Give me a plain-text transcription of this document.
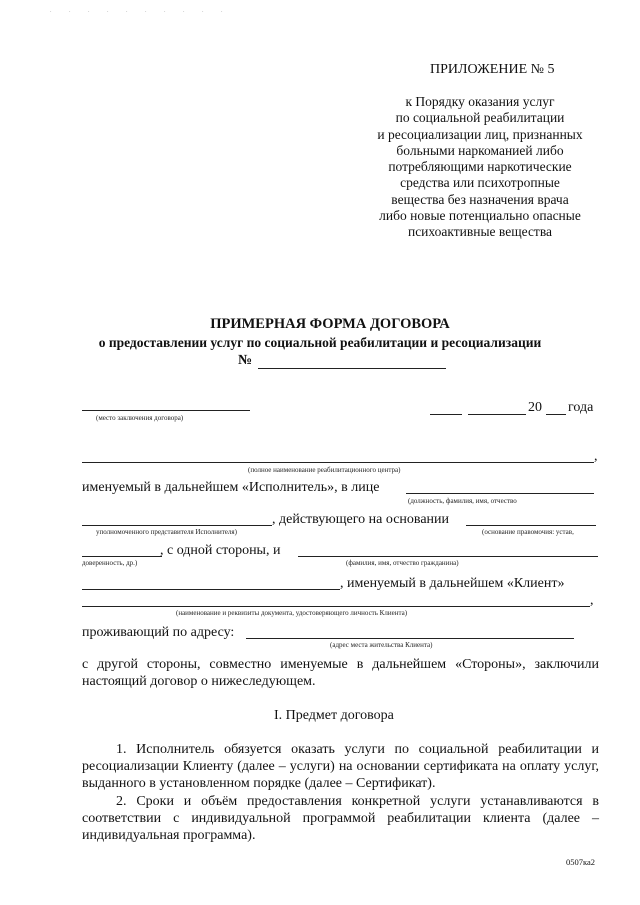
. . . . . . . . . .
ПРИЛОЖЕНИЕ № 5
к Порядку оказания услуг
по социальной реабилитации
и ресоциализации лиц, признанных
больными наркоманией либо
потребляющими наркотические
средства или психотропные
вещества без назначения врача
либо новые потенциально опасные
психоактивные вещества
ПРИМЕРНАЯ ФОРМА ДОГОВОРА
о предоставлении услуг по социальной реабилитации и ресоциализации
№
(место заключения договора)
20 года
,
(полное наименование реабилитационного центра)
именуемый в дальнейшем «Исполнитель», в лице
(должность, фамилия, имя, отчество
уполномоченного представителя Исполнителя)
, действующего на основании
(основание правомочия: устав,
доверенность, др.)
, с одной стороны, и
(фамилия, имя, отчество гражданина)
, именуемый в дальнейшем «Клиент»
,
(наименование и реквизиты документа, удостоверяющего личность Клиента)
проживающий по адресу:
(адрес места жительства Клиента)
с другой стороны, совместно именуемые в дальнейшем «Стороны», заключили настоящий договор о нижеследующем.
I. Предмет договора
1. Исполнитель обязуется оказать услуги по социальной реабилитации и ресоциализации Клиенту (далее – услуги) на основании сертификата на оплату услуг, выданного в установленном порядке (далее – Сертификат).
2. Сроки и объём предоставления конкретной услуги устанавливаются в соответствии с индивидуальной программой реабилитации клиента (далее – индивидуальная программа).
0507ка2
